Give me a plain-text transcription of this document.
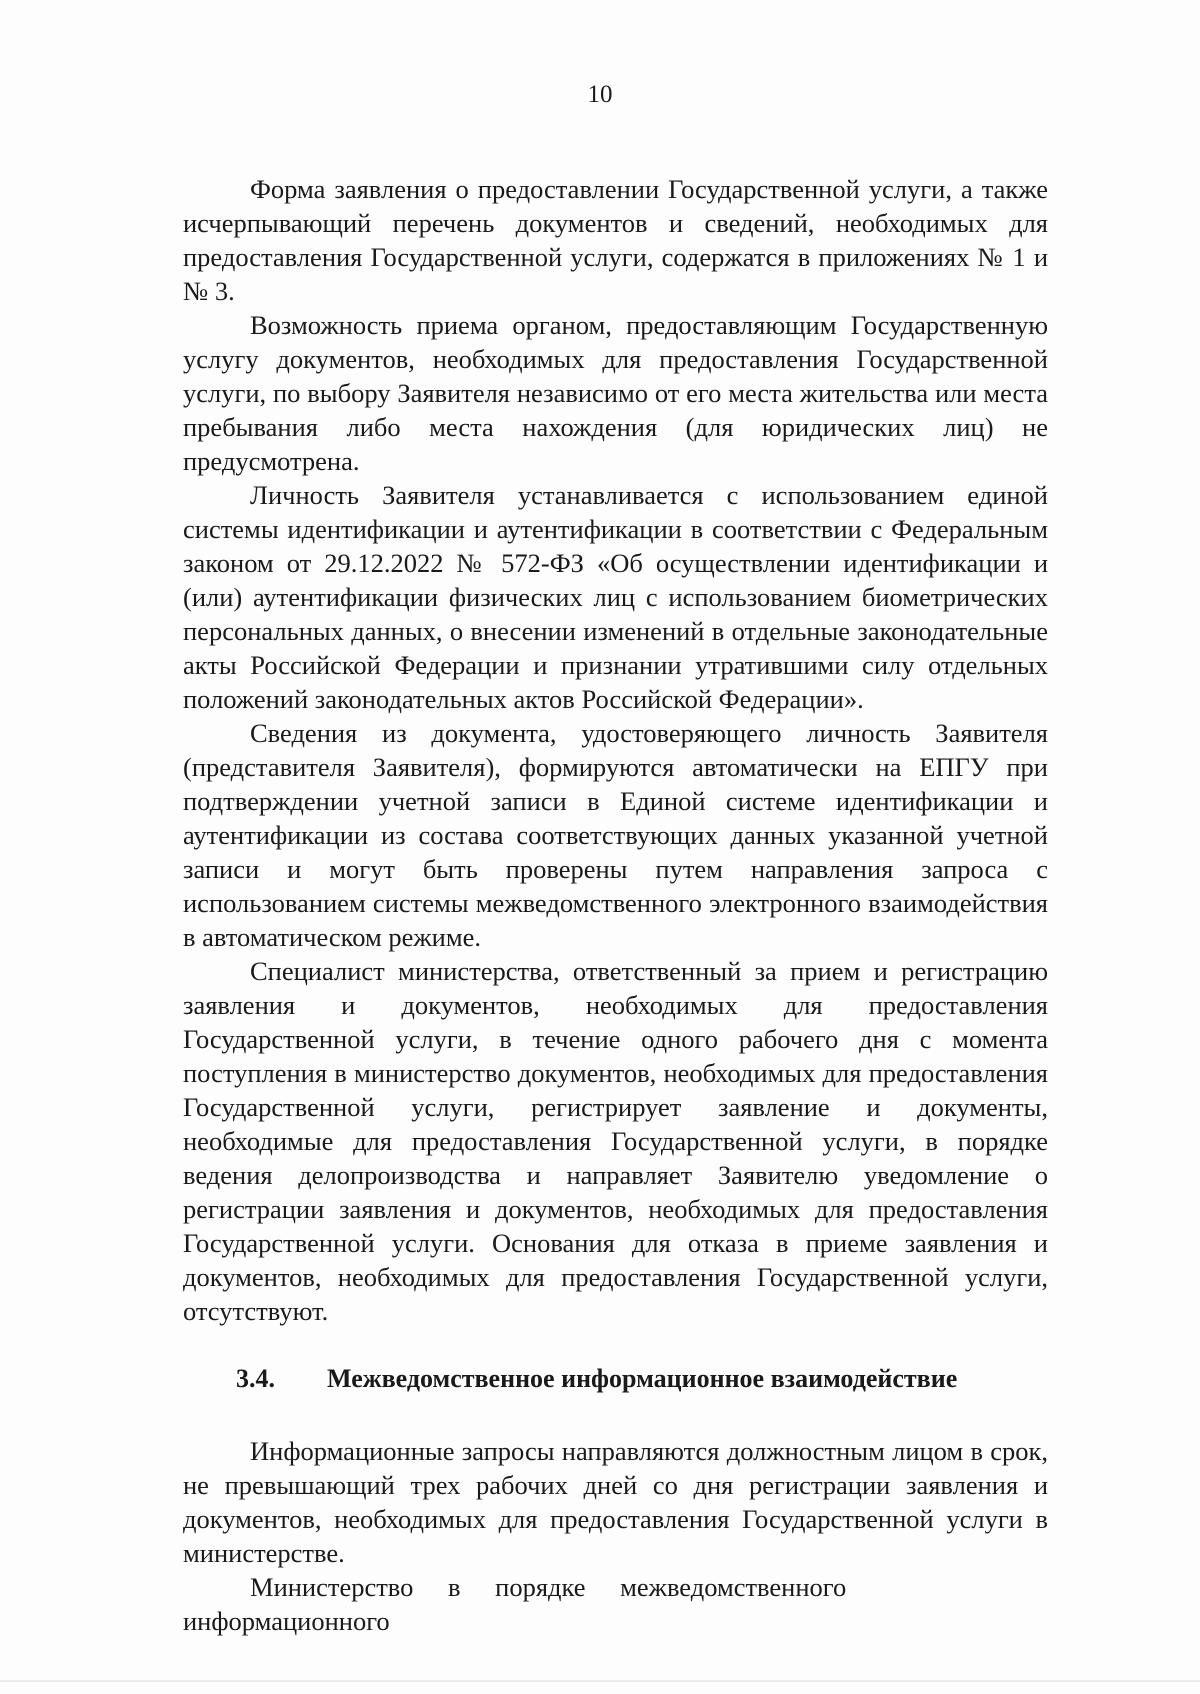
10

Форма заявления о предоставлении Государственной услуги, а также исчерпывающий перечень документов и сведений, необходимых для предоставления Государственной услуги, содержатся в приложениях № 1 и № 3.

Возможность приема органом, предоставляющим Государственную услугу документов, необходимых для предоставления Государственной услуги, по выбору Заявителя независимо от его места жительства или места пребывания либо места нахождения (для юридических лиц) не предусмотрена.

Личность Заявителя устанавливается с использованием единой системы идентификации и аутентификации в соответствии с Федеральным законом от 29.12.2022 № 572-ФЗ «Об осуществлении идентификации и (или) аутентификации физических лиц с использованием биометрических персональных данных, о внесении изменений в отдельные законодательные акты Российской Федерации и признании утратившими силу отдельных положений законодательных актов Российской Федерации».

Сведения из документа, удостоверяющего личность Заявителя (представителя Заявителя), формируются автоматически на ЕПГУ при подтверждении учетной записи в Единой системе идентификации и аутентификации из состава соответствующих данных указанной учетной записи и могут быть проверены путем направления запроса с использованием системы межведомственного электронного взаимодействия в автоматическом режиме.

Специалист министерства, ответственный за прием и регистрацию заявления и документов, необходимых для предоставления Государственной услуги, в течение одного рабочего дня с момента поступления в министерство документов, необходимых для предоставления Государственной услуги, регистрирует заявление и документы, необходимые для предоставления Государственной услуги, в порядке ведения делопроизводства и направляет Заявителю уведомление о регистрации заявления и документов, необходимых для предоставления Государственной услуги. Основания для отказа в приеме заявления и документов, необходимых для предоставления Государственной услуги, отсутствуют.

3.4.	Межведомственное информационное взаимодействие

Информационные запросы направляются должностным лицом в срок, не превышающий трех рабочих дней со дня регистрации заявления и документов, необходимых для предоставления Государственной услуги в министерстве.

Министерство в порядке межведомственного информационного
